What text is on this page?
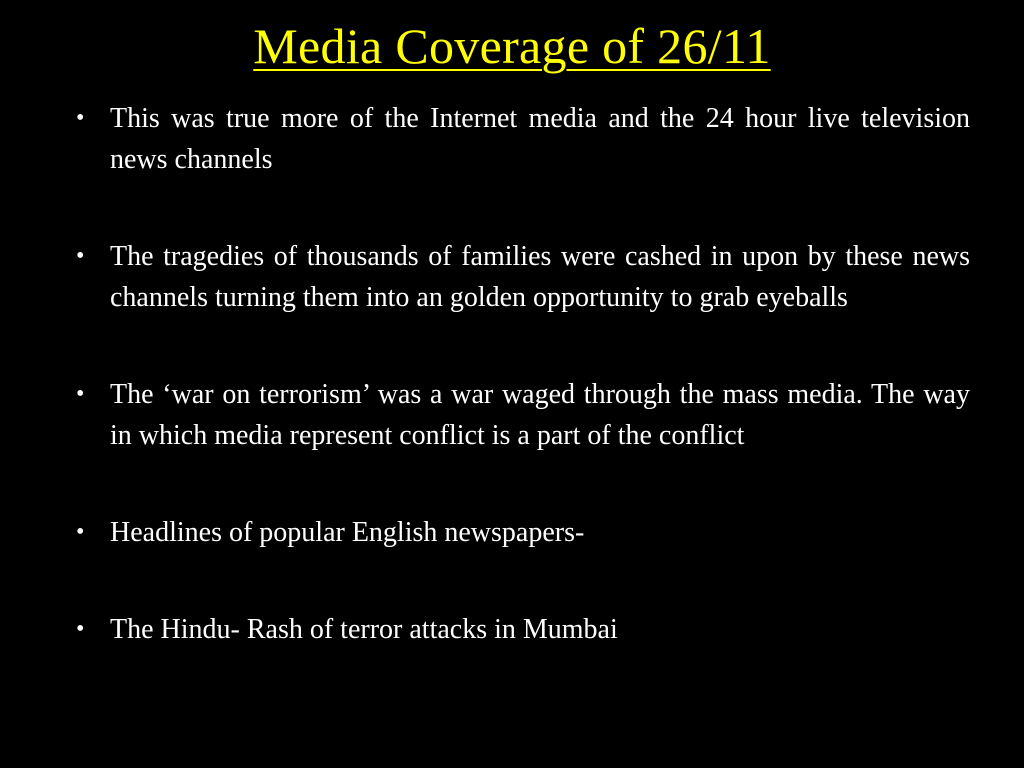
Media Coverage of 26/11
• This was true more of the Internet media and the 24 hour live television news channels
• The tragedies of thousands of families were cashed in upon by these news channels turning them into an golden opportunity to grab eyeballs
• The ‘war on terrorism’ was a war waged through the mass media. The way in which media represent conflict is a part of the conflict
• Headlines of popular English newspapers-
• The Hindu- Rash of terror attacks in Mumbai
